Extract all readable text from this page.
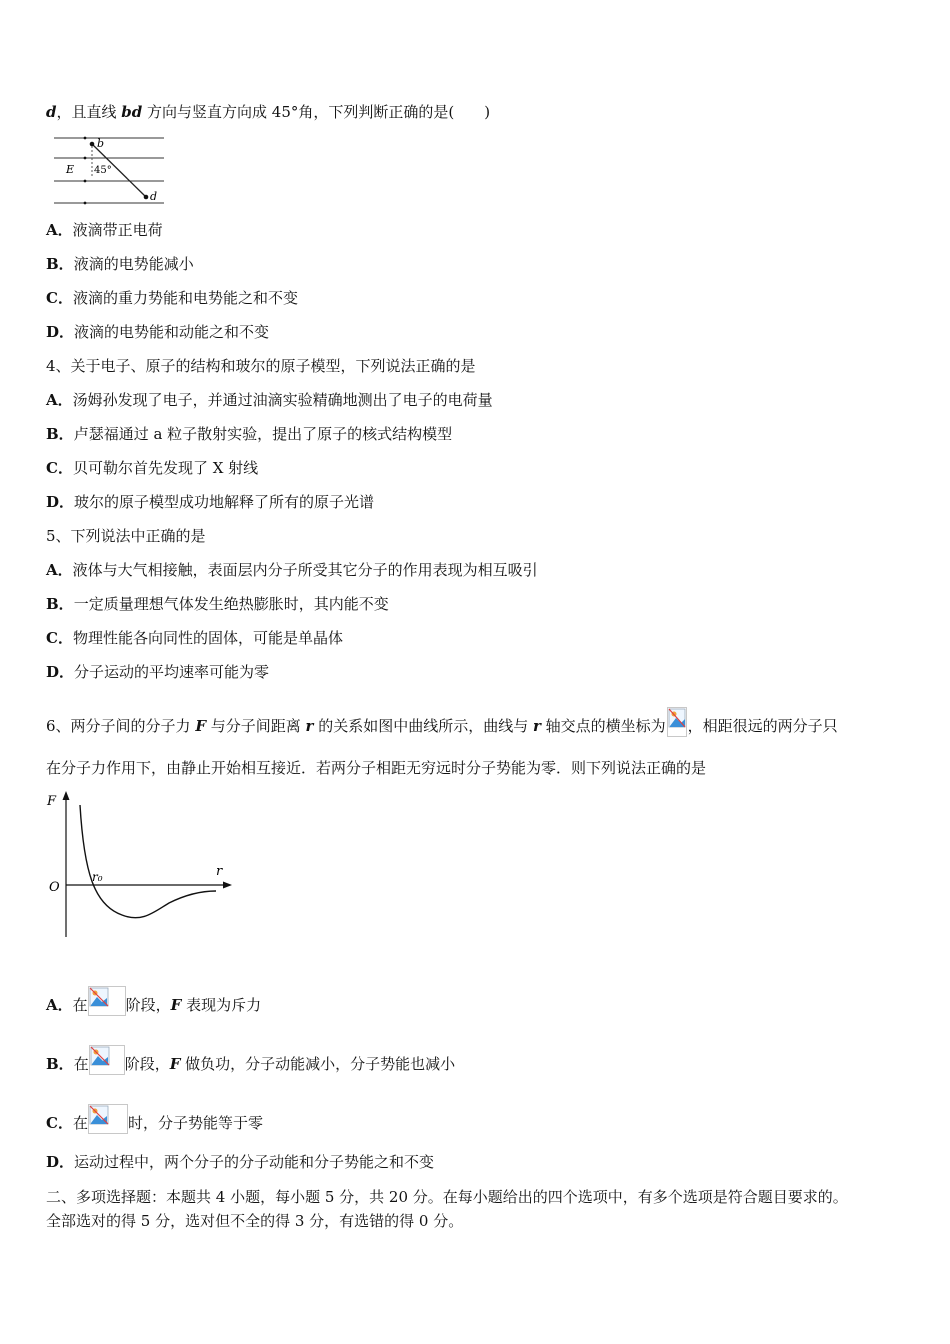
d，且直线 bd 方向与竖直方向成 45°角，下列判断正确的是(　　)
b
E 45°
d
A．液滴带正电荷
B．液滴的电势能减小
C．液滴的重力势能和电势能之和不变
D．液滴的电势能和动能之和不变
4、关于电子、原子的结构和玻尔的原子模型，下列说法正确的是
A．汤姆孙发现了电子，并通过油滴实验精确地测出了电子的电荷量
B．卢瑟福通过 a 粒子散射实验，提出了原子的核式结构模型
C．贝可勒尔首先发现了 X 射线
D．玻尔的原子模型成功地解释了所有的原子光谱
5、下列说法中正确的是
A．液体与大气相接触，表面层内分子所受其它分子的作用表现为相互吸引
B．一定质量理想气体发生绝热膨胀时，其内能不变
C．物理性能各向同性的固体，可能是单晶体
D．分子运动的平均速率可能为零
6、两分子间的分子力 F 与分子间距离 r 的关系如图中曲线所示，曲线与 r 轴交点的横坐标为 ，相距很远的两分子只
在分子力作用下，由静止开始相互接近．若两分子相距无穷远时分子势能为零．则下列说法正确的是
F
O
r₀	r
A．在	阶段，F 表现为斥力
B．在 阶段，F 做负功，分子动能减小，分子势能也减小
C．在	时，分子势能等于零
D．运动过程中，两个分子的分子动能和分子势能之和不变
二、多项选择题：本题共 4 小题，每小题 5 分，共 20 分。在每小题给出的四个选项中，有多个选项是符合题目要求的。
全部选对的得 5 分，选对但不全的得 3 分，有选错的得 0 分。
